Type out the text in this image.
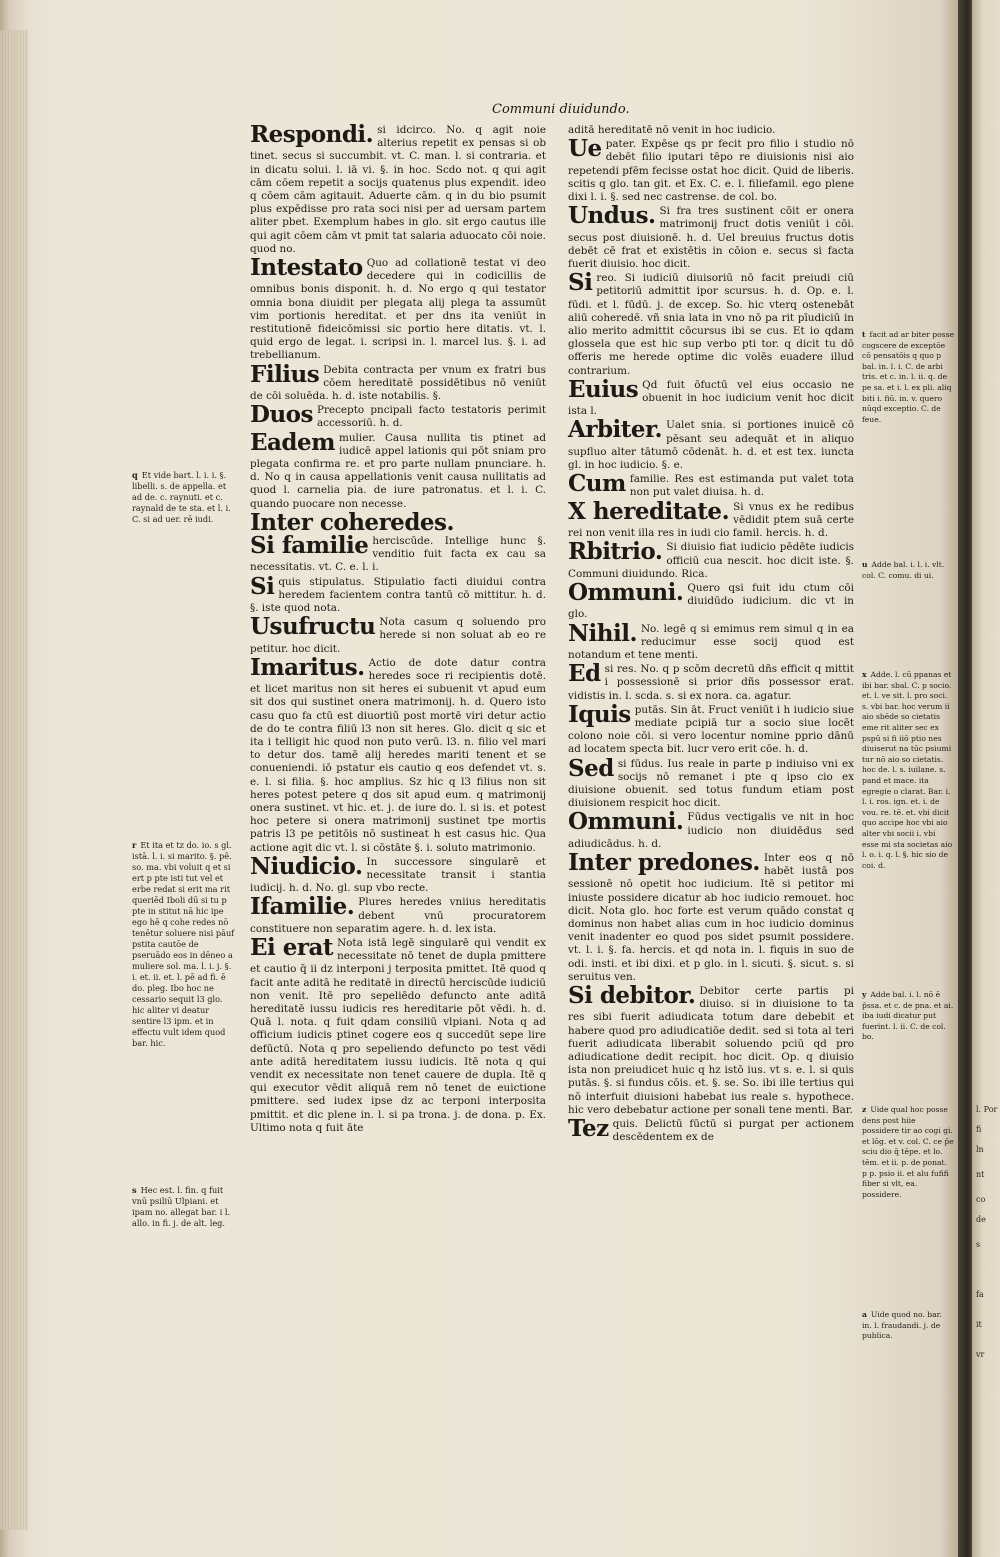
Communi diuidundo.
Respondi. si idcirco. No. q agit noie alterius repetit ex pensas si ob tinet. secus si succumbit. vt. C. man. l. si contraria. et in dicatu solui. l. iā vi. §. in hoc. Scdo not. q qui agit cām cōem repetit a socijs quatenus plus expendit. ideo q cōem cām agitauit. Aduerte cām. q in du bio psumit plus expēdisse pro rata soci nisi per ad uersam partem aliter pbet. Exemplum habes in glo. sit ergo cautus ille qui agit cōem cām vt pmit tat salaria aduocato cōi noie. quod no.
Intestato Quo ad collationē testat vi deo decedere qui in codicillis de omnibus bonis disponit. h. d. No ergo q qui testator omnia bona diuidit per plegata alij plega ta assumūt vim portionis hereditat. et per dns ita veniūt in restitutionē fideicōmissi sic portio here ditatis. vt. l. quid ergo de legat. i. scripsi in. l. marcel lus. §. i. ad trebellianum.
Filius Debita contracta per vnum ex fratri bus cōem hereditatē possidētibus nō veniūt de cōi soluēda. h. d. iste notabilis. §.
Duos Precepto pncipali facto testatoris perimit accessoriū. h. d.
Eadem mulier. Causa nullita tis ptinet ad iudicē appel lationis qui pōt sniam pro plegata confirma re. et pro parte nullam pnunciare. h. d. No q in causa appellationis venit causa nullitatis ad quod l. carnelia pia. de iure patronatus. et l. i. C. quando puocare non necesse.
Inter coheredes.
Si familie herciscūde. Intellige hunc §. venditio fuit facta ex cau sa necessitatis. vt. C. e. l. i.
Si quis stipulatus. Stipulatio facti diuidui contra heredem facientem contra tantū cō mittitur. h. d. §. iste quod nota.
Usufructu Nota casum q soluendo pro herede si non soluat ab eo re petitur. hoc dicit.
Imaritus. Actio de dote datur contra heredes soce ri recipientis dotē. et licet maritus non sit heres ei subuenit vt apud eum sit dos qui sustinet onera matrimonij. h. d. Quero isto casu quo fa ctū est diuortiū post mortē viri detur actio de do te contra filiū l3 non sit heres. Glo. dicit q sic et ita i telligit hic quod non puto verū. l3. n. filio vel mari to detur dos. tamē alij heredes mariti tenent et se conueniendi. iō pstatur eis cautio q eos defendet vt. s. e. l. si filia. §. hoc amplius. Sz hic q l3 filius non sit heres potest petere q dos sit apud eum. q matrimonij onera sustinet. vt hic. et. j. de iure do. l. si is. et potest hoc petere si onera matrimonij sustinet tpe mortis patris l3 pe petitōis nō sustineat h est casus hic. Qua actione agit dic vt. l. si cōstāte §. i. soluto matrimonio.
Niudicio. In successore singularē et necessitate transit i stantia iudicij. h. d. No. gl. sup vbo recte.
Ifamilie. Plures heredes vniius hereditatis debent vnū procuratorem constituere non separatim agere. h. d. lex ista.
Ei erat Nota istā legē singularē qui vendit ex necessitate nō tenet de dupla pmittere et cautio q̄ ii dz interponi j terposita pmittet. Itē quod q facit ante aditā he reditatē in directū herciscūde iudiciū non venit. Itē pro sepeliēdo defuncto ante aditā hereditatē iussu iudicis res hereditarie pōt vēdi. h. d. Quā l. nota. q fuit qdam consiliū vlpiani. Nota q ad officium iudicis ptinet cogere eos q succedūt sepe lire defūctū. Nota q pro sepeliendo defuncto po test vēdi ante aditā hereditatem iussu iudicis. Itē nota q qui vendit ex necessitate non tenet cauere de dupla. Itē q qui executor vēdit aliquā rem nō tenet de euictione pmittere. sed iudex ipse dz ac terponi interposita pmittit. et dic plene in. l. si pa trona. j. de dona. p. Ex. Ultimo nota q fuit āte
aditā hereditatē nō venit in hoc iudicio.
Ue pater. Expēse qs pr fecit pro filio i studio nō debēt filio iputari tēpo re diuisionis nisi aio repetendi pfēm fecisse ostat hoc dicit. Quid de liberis. scitis q glo. tan git. et Ex. C. e. l. filiefamil. ego plene dixi l. i. §. sed nec castrense. de col. bo.
Undus. Si fra tres sustinent cōit er onera matrimonij fruct dotis veniūt i cōi. secus post diuisionē. h. d. Uel breuius fructus dotis debēt cē frat et existētis in cōion e. secus si facta fuerit diuisio. hoc dicit.
Si reo. Si iudiciū diuisoriū nō facit preiudi ciū petitoriū admittit ipor scursus. h. d. Op. e. l. fūdi. et l. fūdū. j. de excep. So. hic vterq ostenebāt aliū coheredē. vñ snia lata in vno nō pa rit pīudiciū in alio merito admittit cōcursus ibi se cus. Et io qdam glossela que est hic sup verbo pti tor. q dicit tu dō offeris me herede optime dic volēs euadere illud contrarium.
Euius Qd fuit ōfuctū vel eius occasio ne obuenit in hoc iudicium venit hoc dicit ista l.
Arbiter. Ualet snia. si portiones inuicē cō pēsant seu adequāt et in aliquo supfluo alter tātumō cōdenāt. h. d. et est tex. iuncta gl. in hoc iudicio. §. e.
Cum familie. Res est estimanda put valet tota non put valet diuisa. h. d.
X hereditate. Si vnus ex he redibus vēdidit ptem suā certe rei non venit illa res in iudi cio famil. hercis. h. d.
Rbitrio. Si diuisio fiat iudicio pēdēte iudicis officiū cua nescit. hoc dicit iste. §. Communi diuidundo. Rica.
Ommuni. Quero qsi fuit idu ctum cōi diuidūdo iudicium. dic vt in glo.
Nihil. No. legē q si emimus rem simul q in ea reducimur esse socij quod est notandum et tene menti.
Ed si res. No. q p scōm decretū dñs efficit q mittit i possessionē si prior dñs possessor erat. vidistis in. l. scda. s. si ex nora. ca. agatur.
Iquis putās. Sin āt. Fruct veniūt i h iudicio siue mediate pcipiā tur a socio siue locēt colono noie cōi. si vero locentur nomine pprio dānū ad locatem specta bit. lucr vero erit cōe. h. d.
Sed si fūdus. Ius reale in parte p indiuiso vni ex socijs nō remanet i pte q ipso cio ex diuisione obuenit. sed totus fundum etiam post diuisionem respicit hoc dicit.
Ommuni. Fūdus vectigalis ve nit in hoc iudicio non diuidēdus sed adiudicādus. h. d.
Inter predones. Inter eos q nō habēt iustā pos sessionē nō opetit hoc iudicium. Itē si petitor mi iniuste possidere dicatur ab hoc iudicio remouet. hoc dicit. Nota glo. hoc forte est verum quādo constat q dominus non habet alias cum in hoc iudicio dominus venit inadenter eo quod pos sidet psumit possidere. vt. l. i. §. fa. hercis. et qd nota in. l. fiquis in suo de odi. insti. et ibi dixi. et p glo. in l. sicuti. §. sicut. s. si seruitus ven.
Si debitor. Debitor certe partis pi diuiso. si in diuisione to ta res sibi fuerit adiudicata totum dare debebit et habere quod pro adiudicatiōe dedit. sed si tota al teri fuerit adiudicata liberabit soluendo pciū qd pro adiudicatione dedit recipit. hoc dicit. Op. q diuisio ista non preiudicet huic q hz istō ius. vt s. e. l. si quis putās. §. si fundus cōis. et. §. se. So. ibi ille tertius qui nō interfuit diuisioni habebat ius reale s. hypothece. hic vero debebatur actione per sonali tene menti. Bar.
Tez quis. Delictū fūctū si purgat per actionem descēdentem ex de
q Et vide bart. l. i. i. §. libelli. s. de appella. et ad de. c. raynuti. et c. raynald de te sta. et l. i. C. si ad uer. rē iudi.
r Et ita et tz do. io. s gl. istā. l. i. si marito. §. pē. so. ma. vbi voluit q et si ert p pte isti tut vel et erbe redat si erit ma rit queriēd Iboli dū si tu p pte in stitut nā hic ipe ego hē q cohe redes nō tenētur soluere nisi pāuf pstita cautōe de pseruādo eos in dēneo a muliere sol. ma. l. i. j. §. i. et. ii. et. l. pē ad fi. ē do. pleg. Ibo hoc ne cessario sequit l3 glo. hic aliter vi deatur sentire l3 ipm. et in effectu vult idem quod bar. hic.
s Hec est. l. fin. q fuit vnū psiliū Ulpiani. et ipam no. allegat bar. i l. allo. in fi. j. de alt. leg.
t facit ad ar biter posse cogscere de exceptōe cō pensatōis q quo p bal. in. l. i. C. de arbi tris. et c. in. l. ii. q. de pe sa. et i. l. ex pli. aliq biti i. fiū. in. v. quero nūqd exceptio. C. de feue.
u Adde bal. i. l. i. vlt. col. C. comu. di ui.
x Adde. l. cū ppanas et ibi bar. sbal. C. p socio. et. l. ve sit. l. pro soci. s. vbi bar. hoc verum ii aio sbēde so cietatis eme rit aliter sec ex pspū si fi iiō ptio nes diuiserut na tūc psiumi tur nō aio so cietatis. hoc de. l. s. iuilane. s. pand et mace. ita egregie o clarat. Bar. i. l. i. ros. ign. et. i. de vou. re. tē. et. vbi dicit quo accipe hoc vbi aio alter vbi socii i. vbi esse mi sta societas aio l. o. i. q. l. §. hic sio de coi. d.
y Adde bal. i. l. nō ē p̄ssa. et c. de pna. et ai. iba iudi dicatur put fuerint. l. ii. C. de col. bo.
z Uide qual hoc posse dens post hiie possidere tir ao cogi gi. et lōg. et v. col. C. ce p̄e sciu dio q̄ tēpe. et lo. tēm. et ii. p. de ponat. p p. psio ii. et alu fufifi fiber si vlt, ea. possidere.
a Uide quod no. bar. in. l. fraudandi. j. de publica.
l. Por
fi
ln
nt
co
de
s
fa
it
vr
